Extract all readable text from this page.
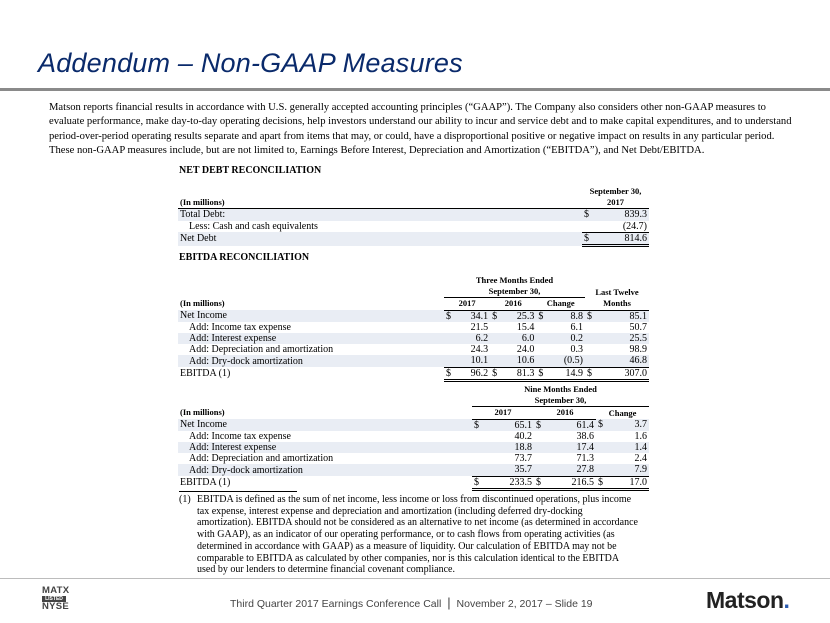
Addendum – Non-GAAP Measures
Matson reports financial results in accordance with U.S. generally accepted accounting principles (“GAAP”). The Company also considers other non-GAAP measures to evaluate performance, make day-to-day operating decisions, help investors understand our ability to incur and service debt and to make capital expenditures, and to understand period-over-period operating results separate and apart from items that may, or could, have a disproportional positive or negative impact on results in any particular period. These non-GAAP measures include, but are not limited to, Earnings Before Interest, Depreciation and Amortization (“EBITDA”), and Net Debt/EBITDA.
NET DEBT RECONCILIATION
	September 30,	
(In millions)	2017	
Total Debt:	$	839.3
Less: Cash and cash equivalents		(24.7)
Net Debt	$	814.6
EBITDA RECONCILIATION
	Three Months Ended							
	September 30,						Last Twelve	
(In millions)	2017		2016		Change		Months	
Net Income	$	34.1	$	25.3	$	8.8	$	85.1
Add: Income tax expense		21.5		15.4		6.1		50.7
Add: Interest expense		6.2		6.0		0.2		25.5
Add: Depreciation and amortization		24.3		24.0		0.3		98.9
Add: Dry-dock amortization		10.1		10.6		(0.5)		46.8
EBITDA (1)	$	96.2	$	81.3	$	14.9	$	307.0
	Nine Months Ended					
	September 30,					
(In millions)	2017		2016		Change	
Net Income	$	65.1	$	61.4	$	3.7
Add: Income tax expense		40.2		38.6		1.6
Add: Interest expense		18.8		17.4		1.4
Add: Depreciation and amortization		73.7		71.3		2.4
Add: Dry-dock amortization		35.7		27.8		7.9
EBITDA (1)	$	233.5	$	216.5	$	17.0
(1) EBITDA is defined as the sum of net income, less income or loss from discontinued operations, plus income tax expense, interest expense and depreciation and amortization (including deferred dry-docking amortization). EBITDA should not be considered as an alternative to net income (as determined in accordance with GAAP), as an indicator of our operating performance, or to cash flows from operating activities (as determined in accordance with GAAP) as a measure of liquidity. Our calculation of EBITDA may not be comparable to EBITDA as calculated by other companies, nor is this calculation identical to the EBITDA used by our lenders to determine financial covenant compliance.
MATX
LISTED
NYSE	Third Quarter 2017 Earnings Conference Call | November 2, 2017 – Slide 19	Matson.
